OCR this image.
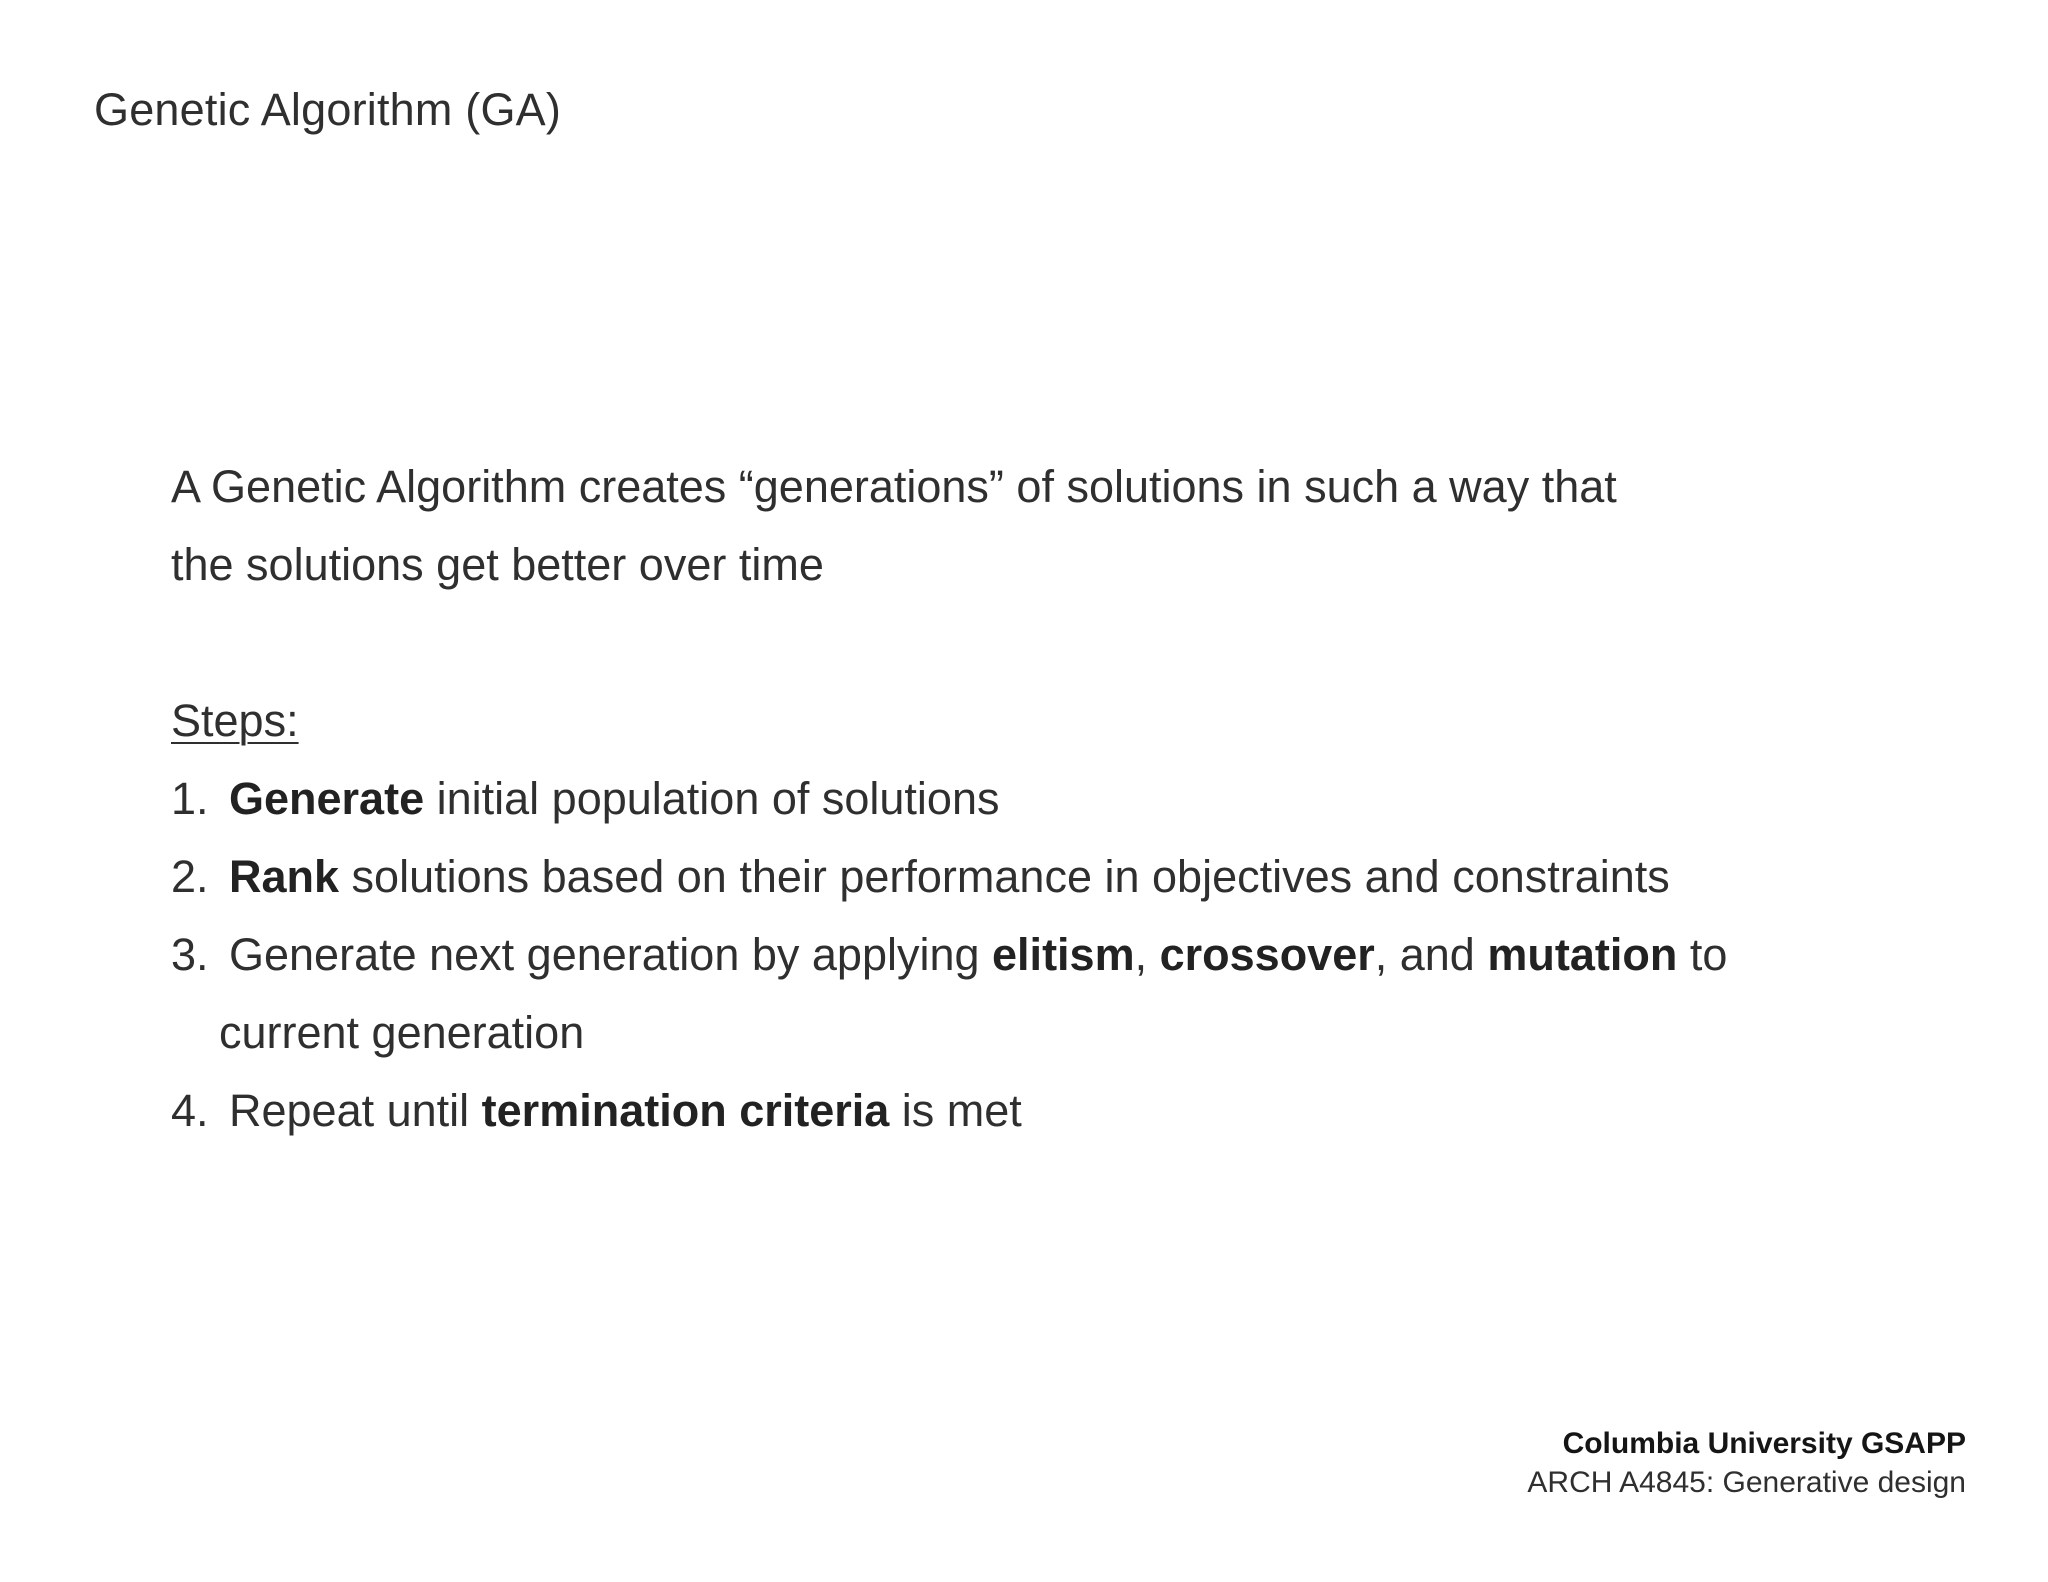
Genetic Algorithm (GA)
A Genetic Algorithm creates “generations” of solutions in such a way that
the solutions get better over time
Steps:
1. Generate initial population of solutions
2. Rank solutions based on their performance in objectives and constraints
3. Generate next generation by applying elitism, crossover, and mutation to
current generation
4. Repeat until termination criteria is met
Columbia University GSAPP
ARCH A4845: Generative design
